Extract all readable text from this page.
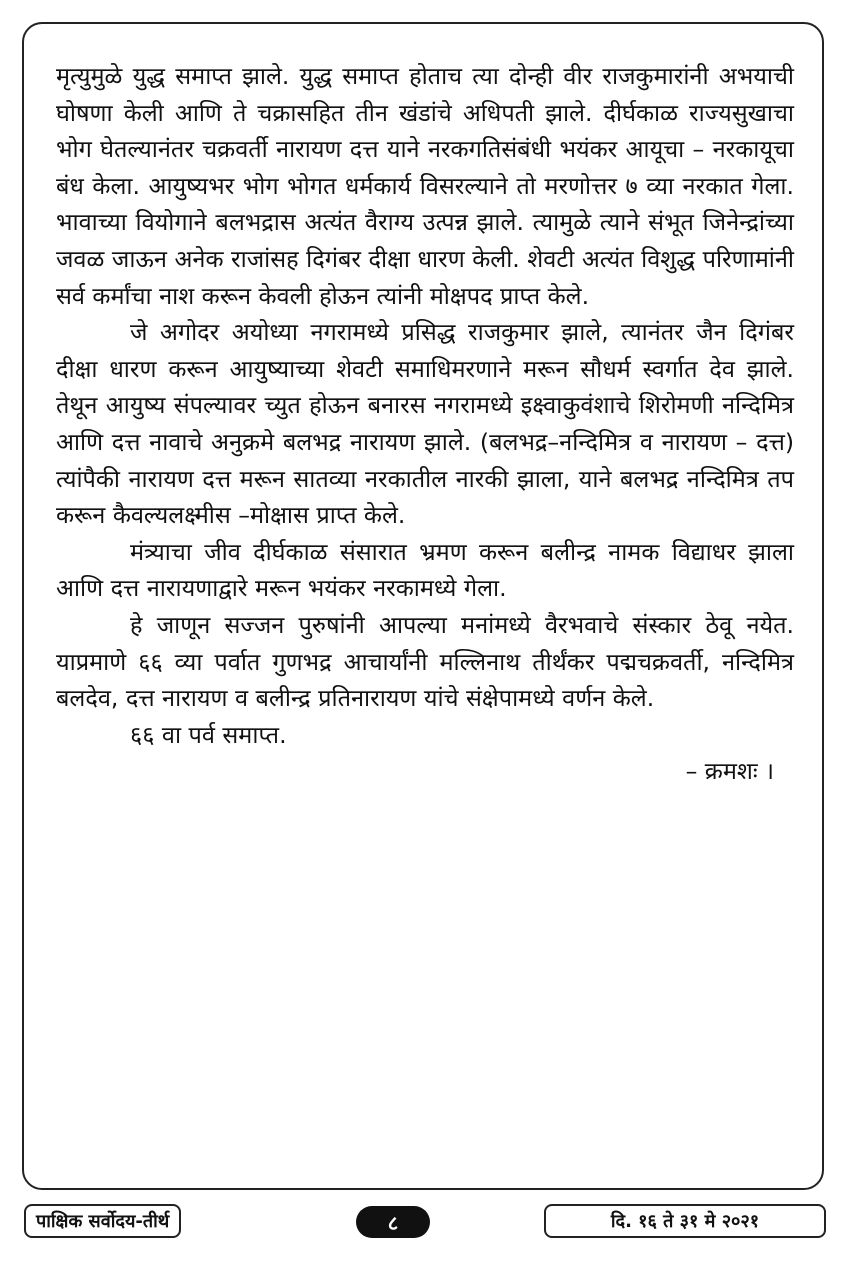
मृत्युमुळे युद्ध समाप्त झाले. युद्ध समाप्त होताच त्या दोन्ही वीर राजकुमारांनी अभयाची घोषणा केली आणि ते चक्रासहित तीन खंडांचे अधिपती झाले. दीर्घकाळ राज्यसुखाचा भोग घेतल्यानंतर चक्रवर्ती नारायण दत्त याने नरकगतिसंबंधी भयंकर आयूचा – नरकायूचा बंध केला. आयुष्यभर भोग भोगत धर्मकार्य विसरल्याने तो मरणोत्तर ७ व्या नरकात गेला. भावाच्या वियोगाने बलभद्रास अत्यंत वैराग्य उत्पन्न झाले. त्यामुळे त्याने संभूत जिनेन्द्रांच्या जवळ जाऊन अनेक राजांसह दिगंबर दीक्षा धारण केली. शेवटी अत्यंत विशुद्ध परिणामांनी सर्व कर्मांचा नाश करून केवली होऊन त्यांनी मोक्षपद प्राप्त केले.

जे अगोदर अयोध्या नगरामध्ये प्रसिद्ध राजकुमार झाले, त्यानंतर जैन दिगंबर दीक्षा धारण करून आयुष्याच्या शेवटी समाधिमरणाने मरून सौधर्म स्वर्गात देव झाले. तेथून आयुष्य संपल्यावर च्युत होऊन बनारस नगरामध्ये इक्ष्वाकुवंशाचे शिरोमणी नन्दिमित्र आणि दत्त नावाचे अनुक्रमे बलभद्र नारायण झाले. (बलभद्र–नन्दिमित्र व नारायण – दत्त) त्यांपैकी नारायण दत्त मरून सातव्या नरकातील नारकी झाला, याने बलभद्र नन्दिमित्र तप करून कैवल्यलक्ष्मीस –मोक्षास प्राप्त केले.

मंत्र्याचा जीव दीर्घकाळ संसारात भ्रमण करून बलीन्द्र नामक विद्याधर झाला आणि दत्त नारायणाद्वारे मरून भयंकर नरकामध्ये गेला.

हे जाणून सज्जन पुरुषांनी आपल्या मनांमध्ये वैरभवाचे संस्कार ठेवू नयेत. याप्रमाणे ६६ व्या पर्वात गुणभद्र आचार्यांनी मल्लिनाथ तीर्थंकर पद्मचक्रवर्ती, नन्दिमित्र बलदेव, दत्त नारायण व बलीन्द्र प्रतिनारायण यांचे संक्षेपामध्ये वर्णन केले.

६६ वा पर्व समाप्त.

– क्रमशः ।

पाक्षिक सर्वोदय-तीर्थ	८	दि. १६ ते ३१ मे २०२१
